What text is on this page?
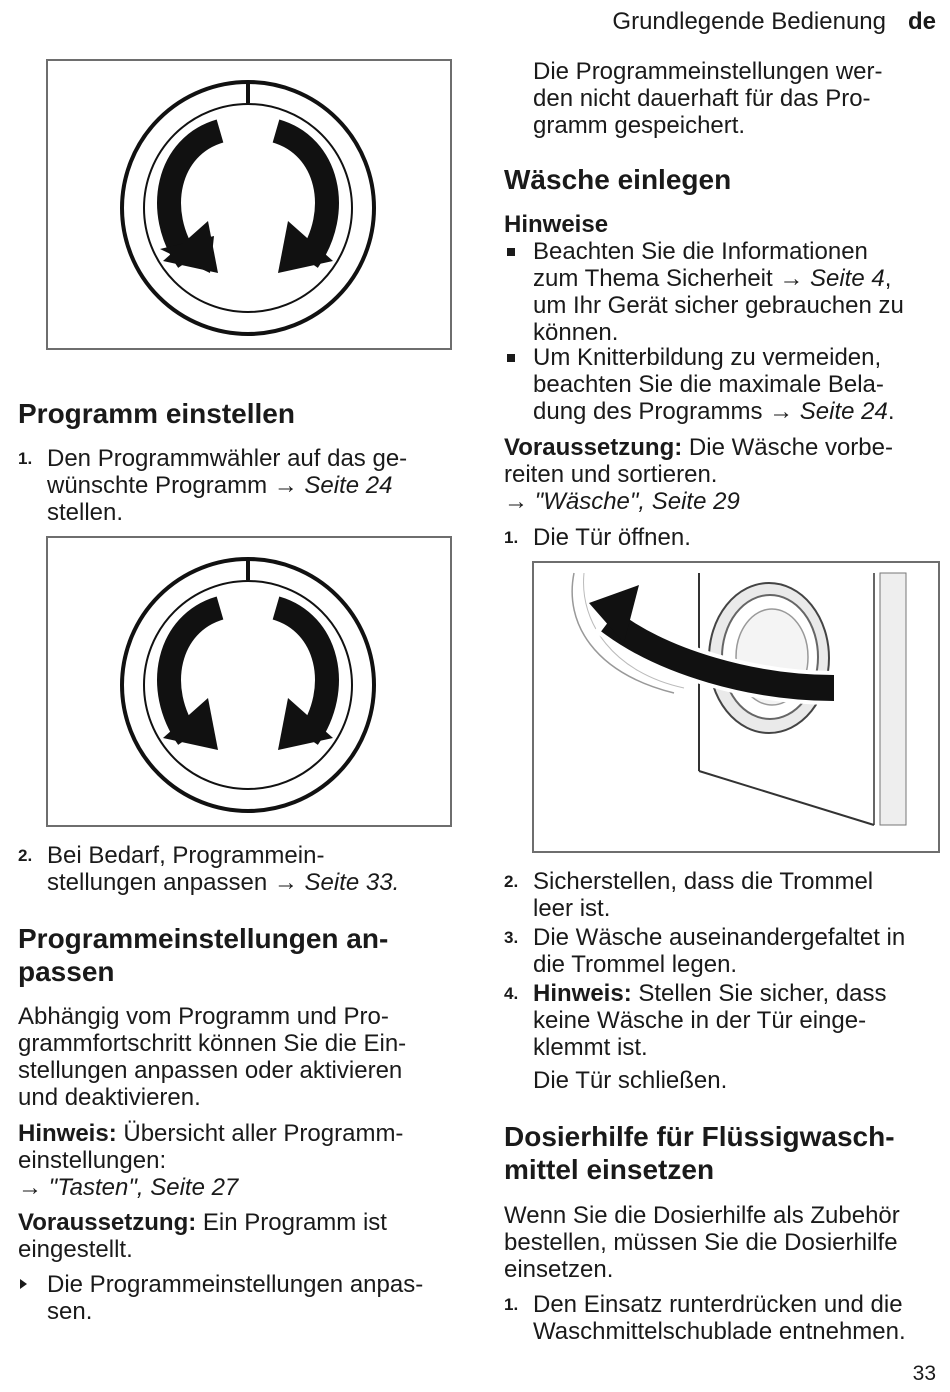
Grundlegende Bedienung de
Programm einstellen
1. Den Programmwähler auf das ge-
wünschte Programm → Seite 24
stellen.
2. Bei Bedarf, Programmein-
stellungen anpassen → Seite 33.
Programmeinstellungen an-
passen
Abhängig vom Programm und Pro-
grammfortschritt können Sie die Ein-
stellungen anpassen oder aktivieren
und deaktivieren.
Hinweis: Übersicht aller Programm-
einstellungen:
→ "Tasten", Seite 27
Voraussetzung: Ein Programm ist
eingestellt.
Die Programmeinstellungen anpas-
sen.
Die Programmeinstellungen wer-
den nicht dauerhaft für das Pro-
gramm gespeichert.
Wäsche einlegen
Hinweise
Beachten Sie die Informationen
zum Thema Sicherheit → Seite 4,
um Ihr Gerät sicher gebrauchen zu
können.
Um Knitterbildung zu vermeiden,
beachten Sie die maximale Bela-
dung des Programms → Seite 24.
Voraussetzung: Die Wäsche vorbe-
reiten und sortieren.
→ "Wäsche", Seite 29
1. Die Tür öffnen.
2. Sicherstellen, dass die Trommel
leer ist.
3. Die Wäsche auseinandergefaltet in
die Trommel legen.
4. Hinweis: Stellen Sie sicher, dass
keine Wäsche in der Tür einge-
klemmt ist.
Die Tür schließen.
Dosierhilfe für Flüssigwasch-
mittel einsetzen
Wenn Sie die Dosierhilfe als Zubehör
bestellen, müssen Sie die Dosierhilfe
einsetzen.
1. Den Einsatz runterdrücken und die
Waschmittelschublade entnehmen.
33
